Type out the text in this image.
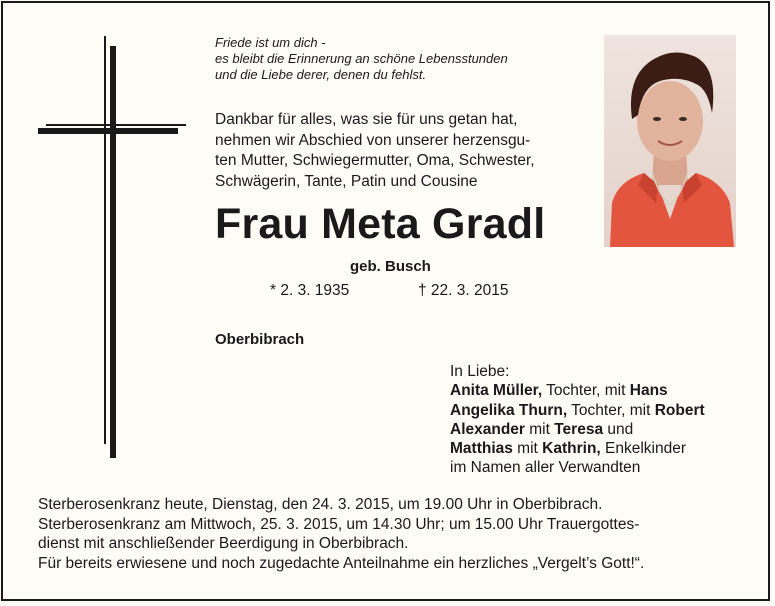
Friede ist um dich -
es bleibt die Erinnerung an schöne Lebensstunden
und die Liebe derer, denen du fehlst.

Dankbar für alles, was sie für uns getan hat,
nehmen wir Abschied von unserer herzensgu-
ten Mutter, Schwiegermutter, Oma, Schwester,
Schwägerin, Tante, Patin und Cousine

Frau Meta Gradl

geb. Busch

* 2. 3. 1935	† 22. 3. 2015

Oberbibrach

In Liebe:
Anita Müller, Tochter, mit Hans
Angelika Thurn, Tochter, mit Robert
Alexander mit Teresa und
Matthias mit Kathrin, Enkelkinder
im Namen aller Verwandten
Sterberosenkranz heute, Dienstag, den 24. 3. 2015, um 19.00 Uhr in Oberbibrach.
Sterberosenkranz am Mittwoch, 25. 3. 2015, um 14.30 Uhr; um 15.00 Uhr Trauergottes-
dienst mit anschließender Beerdigung in Oberbibrach.
Für bereits erwiesene und noch zugedachte Anteilnahme ein herzliches „Vergelt’s Gott!“.
